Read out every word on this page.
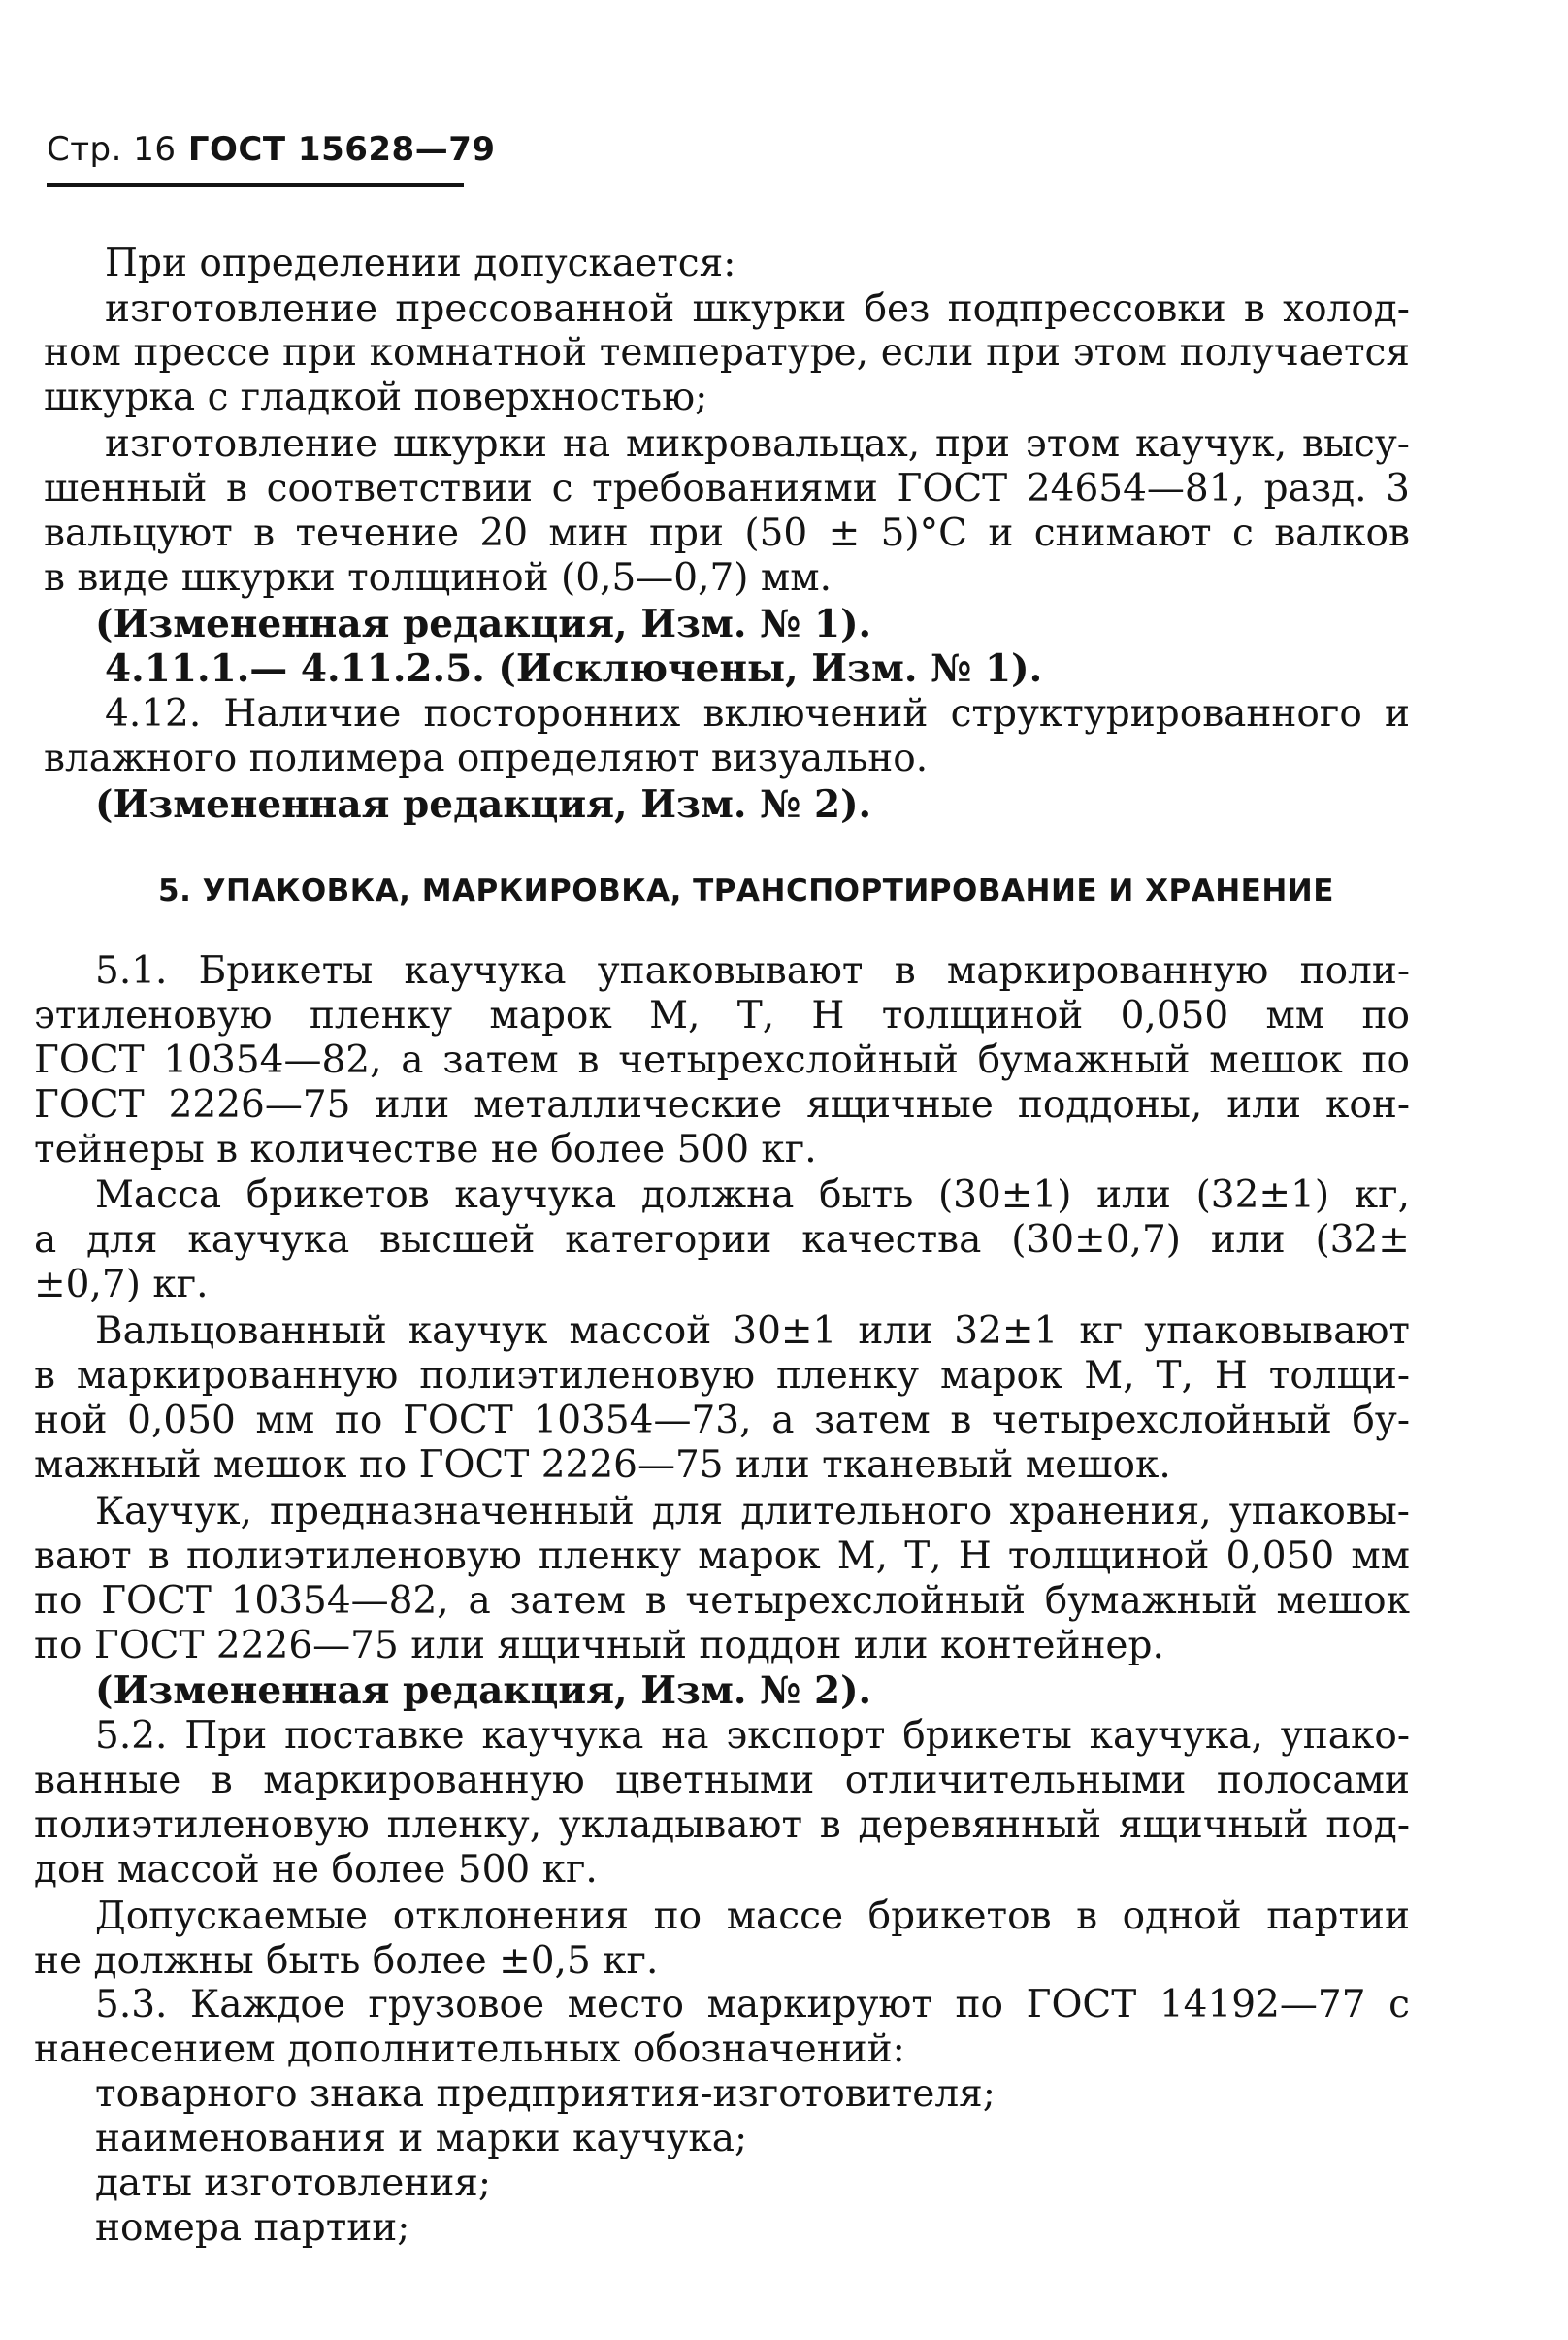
Стр. 16 ГОСТ 15628—79
При определении допускается:
изготовление прессованной шкурки без подпрессовки в холод-
ном прессе при комнатной температуре, если при этом получается
шкурка с гладкой поверхностью;
изготовление шкурки на микровальцах, при этом каучук, высу-
шенный в соответствии с требованиями ГОСТ 24654—81, разд. 3
вальцуют в течение 20 мин при (50 ± 5)°С и снимают с валков
в виде шкурки толщиной (0,5—0,7) мм.
(Измененная редакция, Изм. № 1).
4.11.1.— 4.11.2.5. (Исключены, Изм. № 1).
4.12. Наличие посторонних включений структурированного и
влажного полимера определяют визуально.
(Измененная редакция, Изм. № 2).
5. УПАКОВКА, МАРКИРОВКА, ТРАНСПОРТИРОВАНИЕ И ХРАНЕНИЕ
5.1. Брикеты каучука упаковывают в маркированную поли-
этиленовую пленку марок М, Т, Н толщиной 0,050 мм по
ГОСТ 10354—82, а затем в четырехслойный бумажный мешок по
ГОСТ 2226—75 или металлические ящичные поддоны, или кон-
тейнеры в количестве не более 500 кг.
Масса брикетов каучука должна быть (30±1) или (32±1) кг,
а для каучука высшей категории качества (30±0,7) или (32±
±0,7) кг.
Вальцованный каучук массой 30±1 или 32±1 кг упаковывают
в маркированную полиэтиленовую пленку марок М, Т, Н толщи-
ной 0,050 мм по ГОСТ 10354—73, а затем в четырехслойный бу-
мажный мешок по ГОСТ 2226—75 или тканевый мешок.
Каучук, предназначенный для длительного хранения, упаковы-
вают в полиэтиленовую пленку марок М, Т, Н толщиной 0,050 мм
по ГОСТ 10354—82, а затем в четырехслойный бумажный мешок
по ГОСТ 2226—75 или ящичный поддон или контейнер.
(Измененная редакция, Изм. № 2).
5.2. При поставке каучука на экспорт брикеты каучука, упако-
ванные в маркированную цветными отличительными полосами
полиэтиленовую пленку, укладывают в деревянный ящичный под-
дон массой не более 500 кг.
Допускаемые отклонения по массе брикетов в одной партии
не должны быть более ±0,5 кг.
5.3. Каждое грузовое место маркируют по ГОСТ 14192—77 с
нанесением дополнительных обозначений:
товарного знака предприятия-изготовителя;
наименования и марки каучука;
даты изготовления;
номера партии;
